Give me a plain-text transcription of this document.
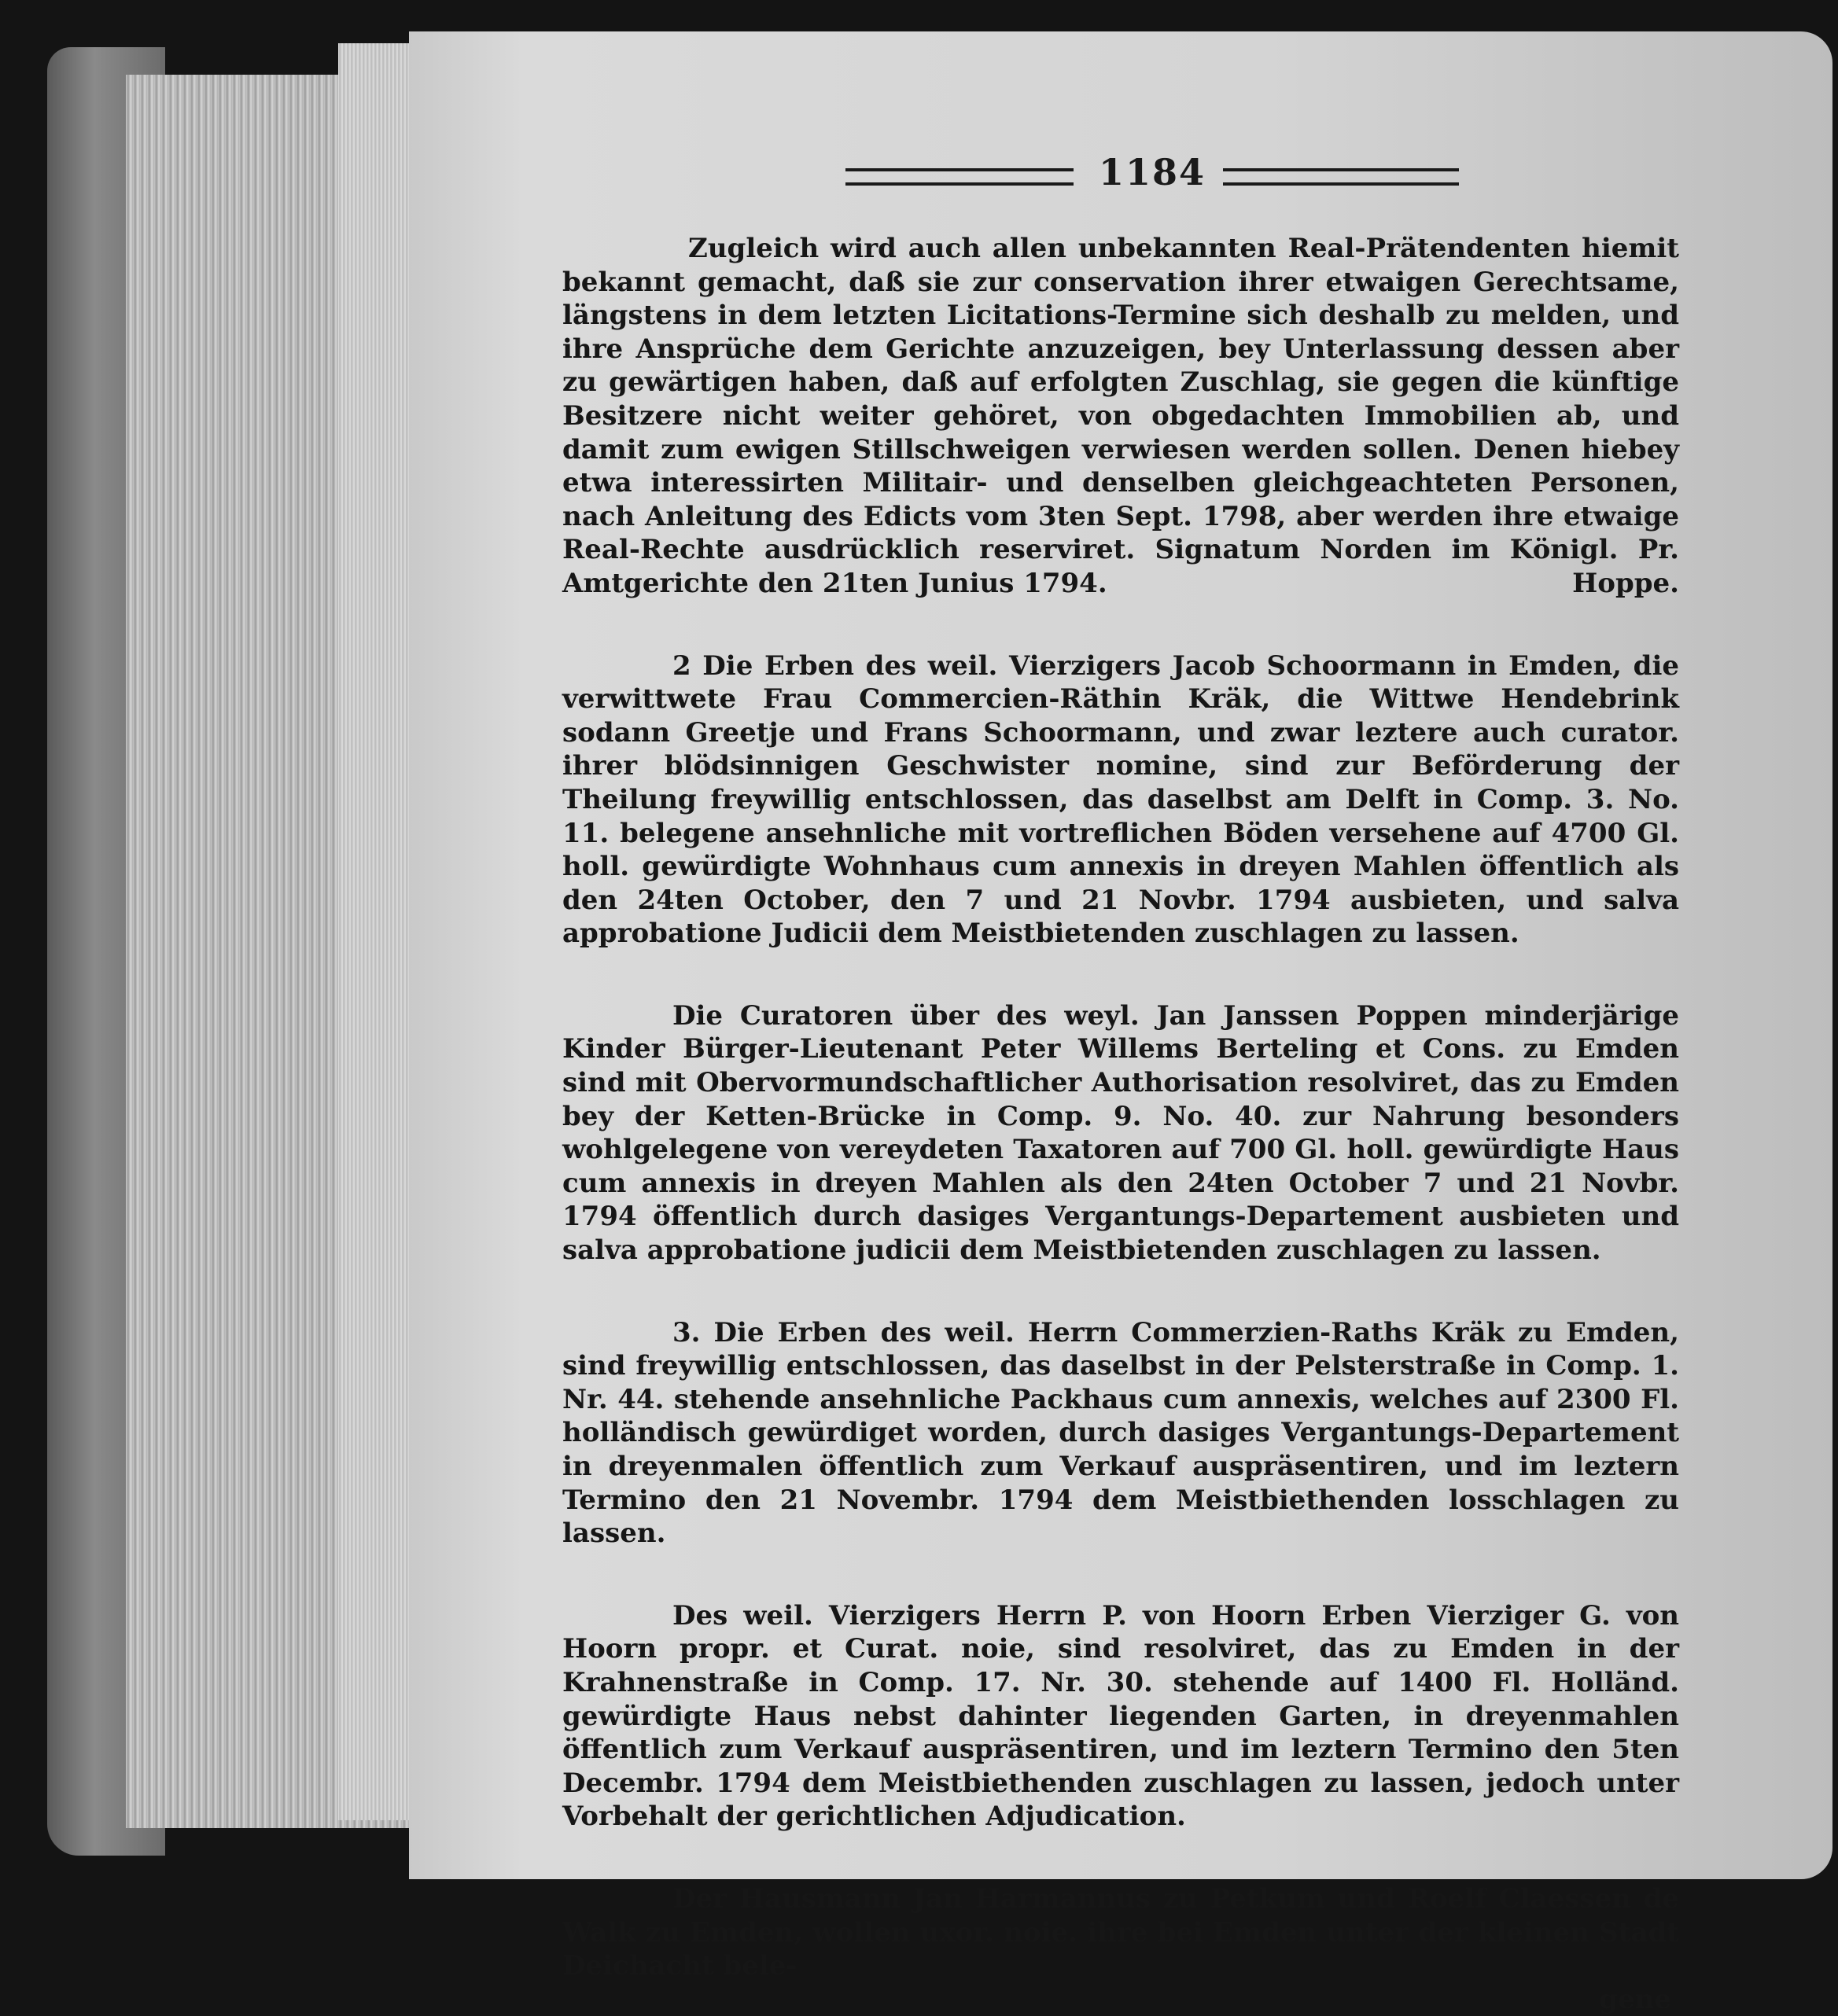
1184

Zugleich wird auch allen unbekannten Real-Prätendenten hiemit bekannt gemacht, daß sie zur conservation ihrer etwaigen Gerechtsame, längstens in dem letzten Licitations-Termine sich deshalb zu melden, und ihre Ansprüche dem Gerichte anzuzeigen, bey Unterlassung dessen aber zu gewärtigen haben, daß auf erfolgten Zuschlag, sie gegen die künftige Besitzere nicht weiter gehöret, von obgedachten Immobilien ab, und damit zum ewigen Stillschweigen verwiesen werden sollen. Denen hiebey etwa interessirten Militair- und denselben gleichgeachteten Personen, nach Anleitung des Edicts vom 3ten Sept. 1798, aber werden ihre etwaige Real-Rechte ausdrücklich reserviret. Signatum Norden im Königl. Pr. Amtgerichte den 21ten Junius 1794.	Hoppe.

2 Die Erben des weil. Vierzigers Jacob Schoormann in Emden, die verwittwete Frau Commercien-Räthin Kräk, die Wittwe Hendebrink sodann Greetje und Frans Schoormann, und zwar leztere auch curator. ihrer blödsinnigen Geschwister nomine, sind zur Beförderung der Theilung freywillig entschlossen, das daselbst am Delft in Comp. 3. No. 11. belegene ansehnliche mit vortreflichen Böden versehene auf 4700 Gl. holl. gewürdigte Wohnhaus cum annexis in dreyen Mahlen öffentlich als den 24ten October, den 7 und 21 Novbr. 1794 ausbieten, und salva approbatione Judicii dem Meistbietenden zuschlagen zu lassen.

Die Curatoren über des weyl. Jan Janssen Poppen minderjärige Kinder Bürger-Lieutenant Peter Willems Berteling et Cons. zu Emden sind mit Obervormundschaftlicher Authorisation resolviret, das zu Emden bey der Ketten-Brücke in Comp. 9. No. 40. zur Nahrung besonders wohlgelegene von vereydeten Taxatoren auf 700 Gl. holl. gewürdigte Haus cum annexis in dreyen Mahlen als den 24ten October 7 und 21 Novbr. 1794 öffentlich durch dasiges Vergantungs-Departement ausbieten und salva approbatione judicii dem Meistbietenden zuschlagen zu lassen.

3. Die Erben des weil. Herrn Commerzien-Raths Kräk zu Emden, sind freywillig entschlossen, das daselbst in der Pelsterstraße in Comp. 1. Nr. 44. stehende ansehnliche Packhaus cum annexis, welches auf 2300 Fl. holländisch gewürdiget worden, durch dasiges Vergantungs-Departement in dreyenmalen öffentlich zum Verkauf auspräsentiren, und im leztern Termino den 21 Novembr. 1794 dem Meistbiethenden losschlagen zu lassen.

Des weil. Vierzigers Herrn P. von Hoorn Erben Vierziger G. von Hoorn propr. et Curat. noie, sind resolviret, das zu Emden in der Krahnenstraße in Comp. 17. Nr. 30. stehende auf 1400 Fl. Holländ. gewürdigte Haus nebst dahinter liegenden Garten, in dreyenmahlen öffentlich zum Verkauf auspräsentiren, und im leztern Termino den 5ten Decembr. 1794 dem Meistbiethenden zuschlagen zu lassen, jedoch unter Vorbehalt der gerichtlichen Adjudication.

Der Hausmann Jan Harmannus zu Petkum und Roelf Claessen de Walk zu Emden, wollen uxor. noie. ihre bei Emden unter der kleinen Stadt Deichacht bele-

gene
